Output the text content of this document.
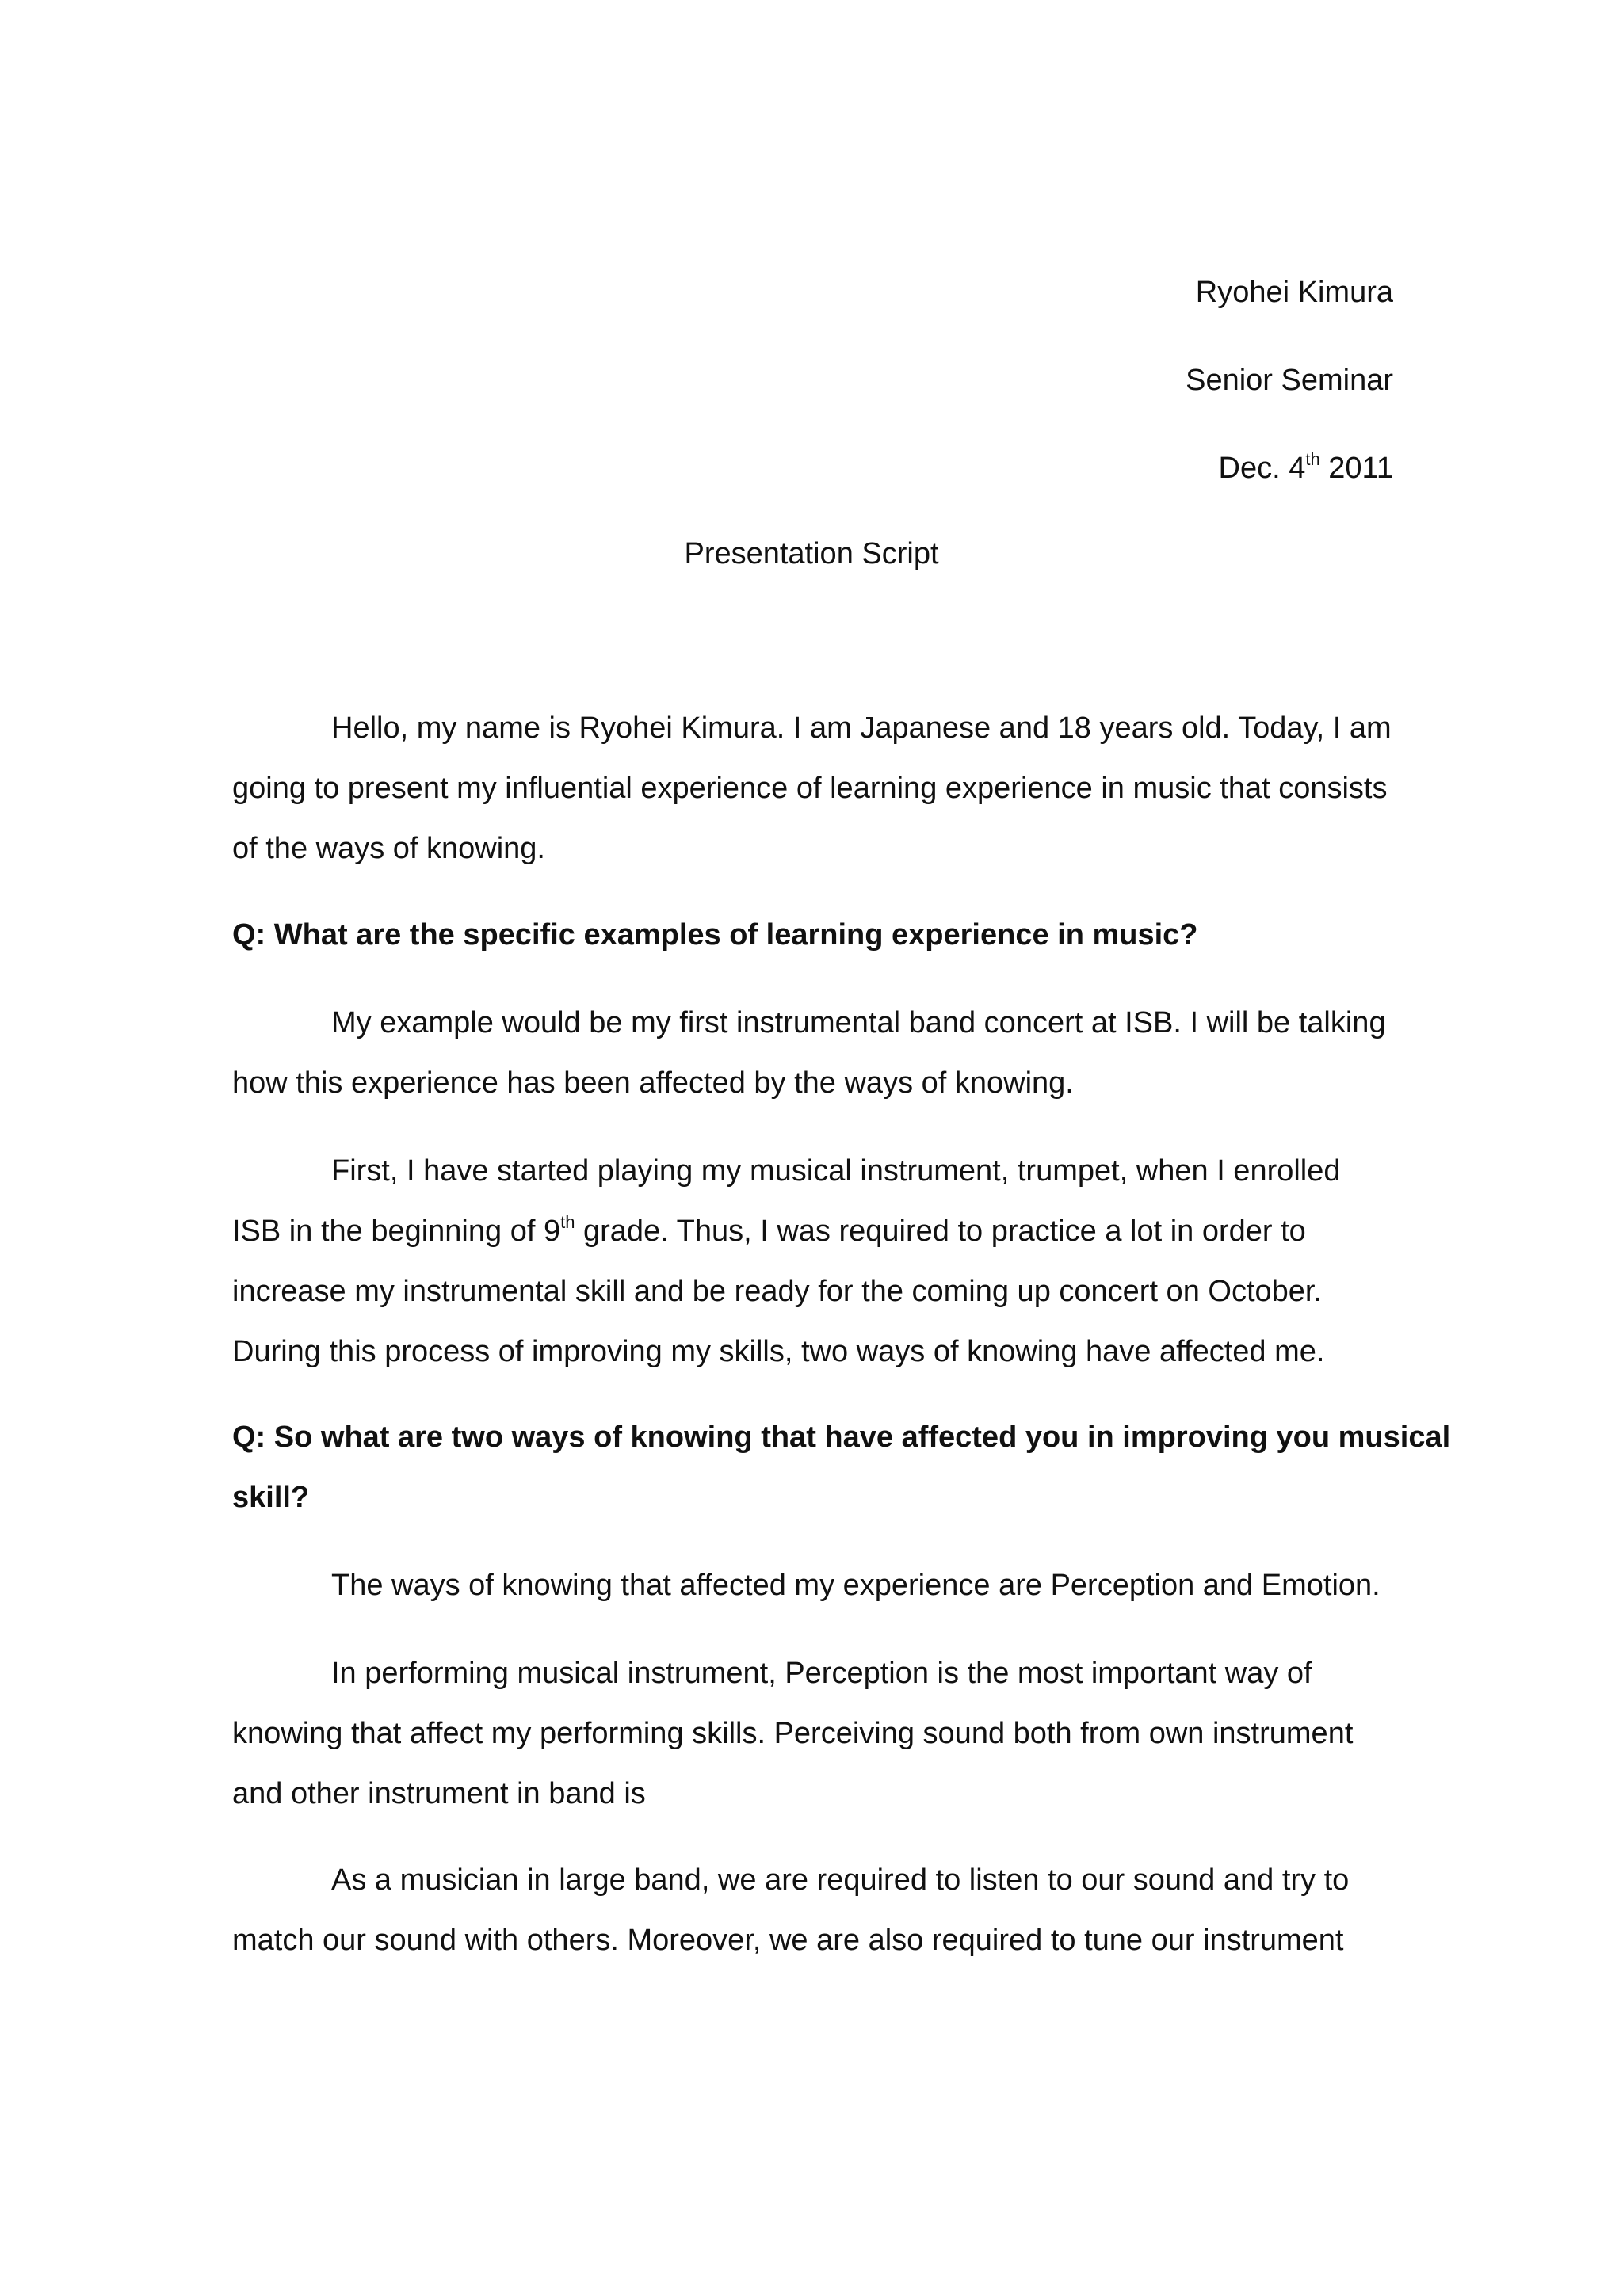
Ryohei Kimura
Senior Seminar
Dec. 4th 2011
Presentation Script
Hello, my name is Ryohei Kimura. I am Japanese and 18 years old. Today, I am
going to present my influential experience of learning experience in music that consists
of the ways of knowing.
Q: What are the specific examples of learning experience in music?
My example would be my first instrumental band concert at ISB. I will be talking
how this experience has been affected by the ways of knowing.
First, I have started playing my musical instrument, trumpet, when I enrolled
ISB in the beginning of 9th grade. Thus, I was required to practice a lot in order to
increase my instrumental skill and be ready for the coming up concert on October.
During this process of improving my skills, two ways of knowing have affected me.
Q: So what are two ways of knowing that have affected you in improving you musical
skill?
The ways of knowing that affected my experience are Perception and Emotion.
In performing musical instrument, Perception is the most important way of
knowing that affect my performing skills. Perceiving sound both from own instrument
and other instrument in band is
As a musician in large band, we are required to listen to our sound and try to
match our sound with others. Moreover, we are also required to tune our instrument
